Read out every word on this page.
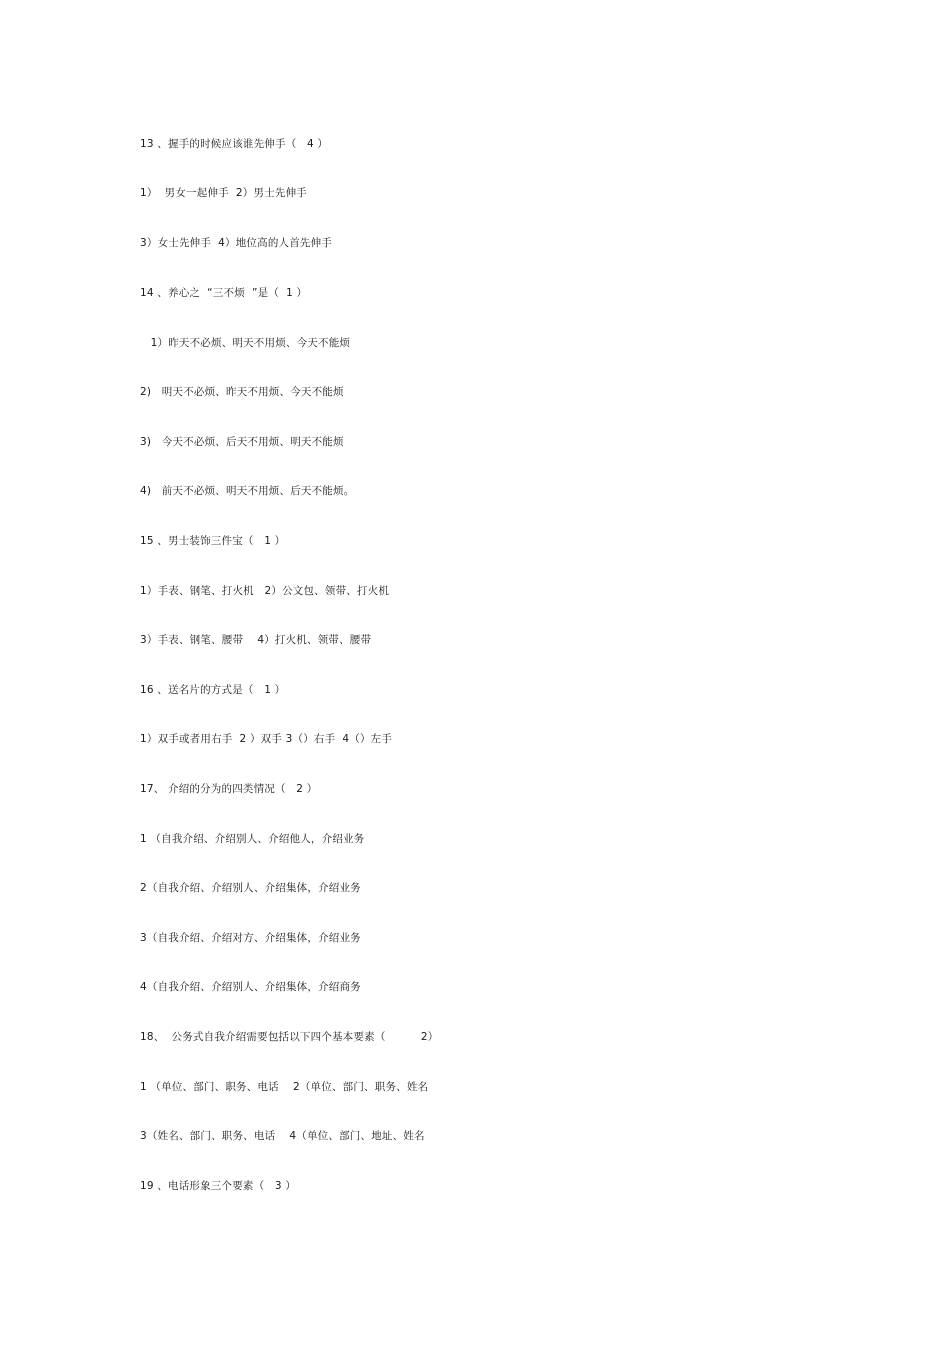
13 、握手的时候应该谁先伸手（   4 ）
1）  男女一起伸手  2）男士先伸手
3）女士先伸手  4）地位高的人首先伸手
14 、养心之  “三不烦  ”是（  1 ）
1）昨天不必烦、明天不用烦、今天不能烦
2)   明天不必烦、昨天不用烦、今天不能烦
3)   今天不必烦、后天不用烦、明天不能烦
4)   前天不必烦、明天不用烦、后天不能烦。
15 、男士装饰三件宝（   1 ）
1）手表、钢笔、打火机   2）公文包、领带、打火机
3）手表、钢笔、腰带    4）打火机、领带、腰带
16 、送名片的方式是（   1 ）
1）双手或者用右手  2 ）双手 3（）右手  4（）左手
17、 介绍的分为的四类情况（   2 ）
1 （自我介绍、介绍别人、介绍他人，介绍业务
2（自我介绍、介绍别人、介绍集体，介绍业务
3（自我介绍、介绍对方、介绍集体，介绍业务
4（自我介绍、介绍别人、介绍集体，介绍商务
18、  公务式自我介绍需要包括以下四个基本要素（          2）
1 （单位、部门、职务、电话    2（单位、部门、职务、姓名
3（姓名、部门、职务、电话    4（单位、部门、地址、姓名
19 、电话形象三个要素（   3 ）
